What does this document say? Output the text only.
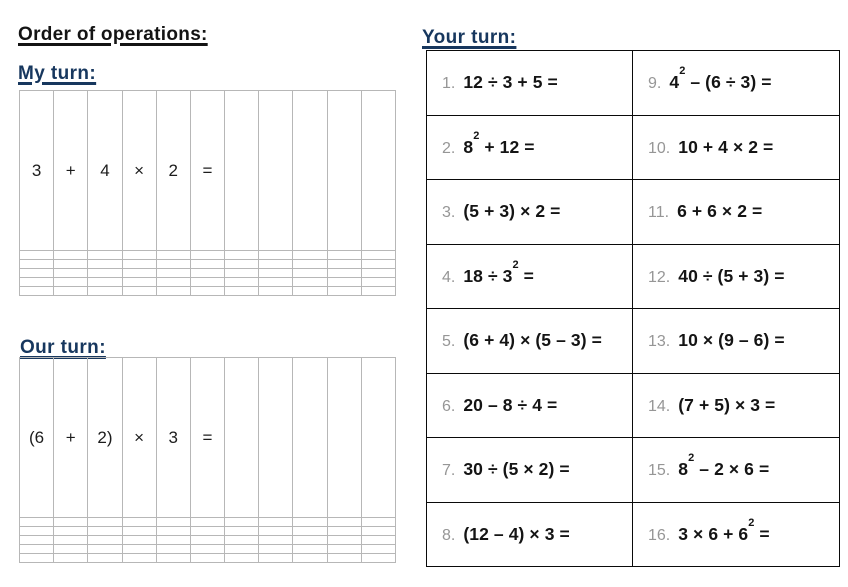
Order of operations:
My turn:
3	+	4	×	2	=					

Our turn:
(6	+	2)	×	3	=					

Your turn:
1. 12 ÷ 3 + 5 =	9. $4^2 - (6 \div 3)$ =
2. $8^2 + 12$ =	10. 10 + 4 × 2 =
3. (5 + 3) × 2 =	11. 6 + 6 × 2 =
4. $18 \div 3^2$ =	12. 40 ÷ (5 + 3) =
5. (6 + 4) × (5 – 3) =	13. 10 × (9 – 6) =
6. 20 – 8 ÷ 4 =	14. (7 + 5) × 3 =
7. 30 ÷ (5 × 2) =	15. $8^2 - 2 \times 6$ =
8. (12 – 4) × 3 =	16. $3 \times 6 + 6^2$ =
